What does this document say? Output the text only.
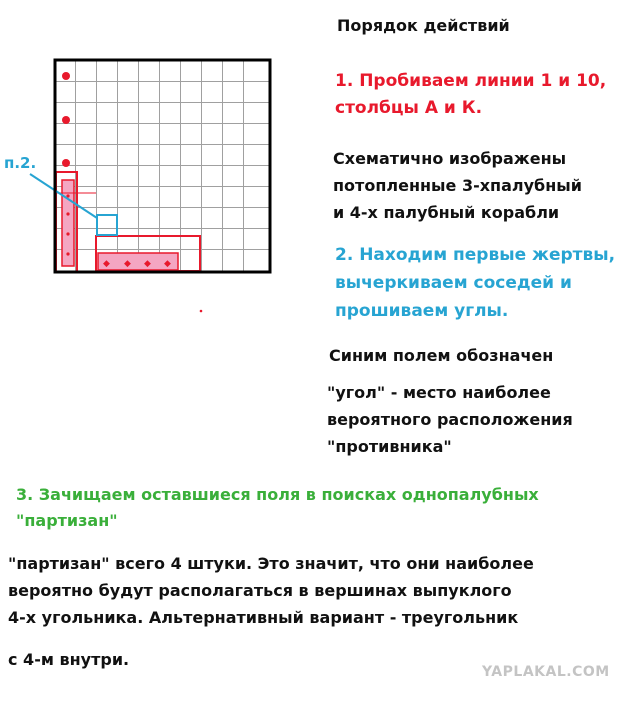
◆ ◆ ◆ ◆
п.2.
Порядок действий
1. Пробиваем линии 1 и 10,
столбцы А и К.
Схематично изображены
потопленные 3-хпалубный
и 4-х палубный корабли
2. Находим первые жертвы,
вычеркиваем соседей и
прошиваем углы.
Синим полем обозначен
"угол" - место наиболее
вероятного расположения
"противника"
3. Зачищаем оставшиеся поля в поисках однопалубных
"партизан"
"партизан" всего 4 штуки. Это значит, что они наиболее
вероятно будут располагаться в вершинах выпуклого
4-х угольника. Альтернативный вариант - треугольник
с 4-м внутри.
YAPLAKAL.COM
